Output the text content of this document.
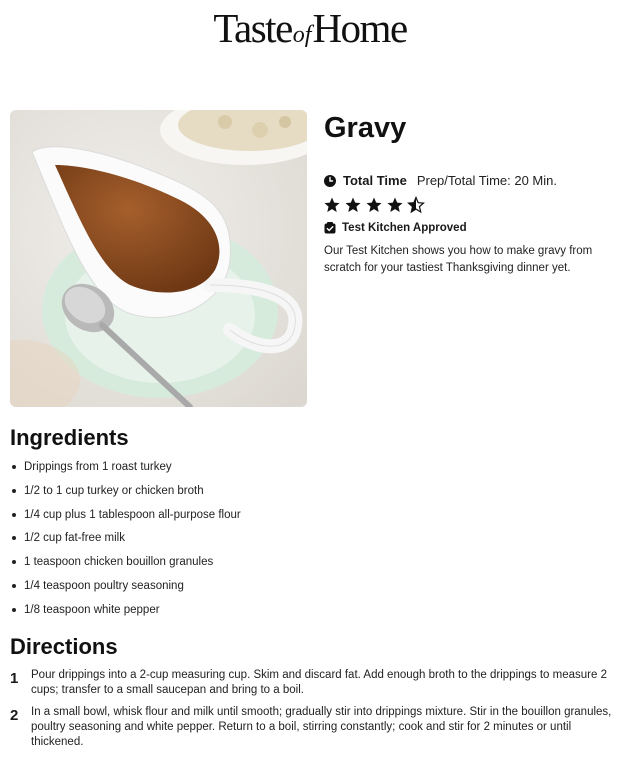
TasteofHome
Gravy
Total Time Prep/Total Time: 20 Min.
Test Kitchen Approved

Our Test Kitchen shows you how to make gravy from scratch for your tastiest Thanksgiving dinner yet.

Ingredients
Drippings from 1 roast turkey
1/2 to 1 cup turkey or chicken broth
1/4 cup plus 1 tablespoon all-purpose flour
1/2 cup fat-free milk
1 teaspoon chicken bouillon granules
1/4 teaspoon poultry seasoning
1/8 teaspoon white pepper
Directions
1	Pour drippings into a 2-cup measuring cup. Skim and discard fat. Add enough broth to the drippings to measure 2 cups; transfer to a small saucepan and bring to a boil.
2	In a small bowl, whisk flour and milk until smooth; gradually stir into drippings mixture. Stir in the bouillon granules, poultry seasoning and white pepper. Return to a boil, stirring constantly; cook and stir for 2 minutes or until thickened.
